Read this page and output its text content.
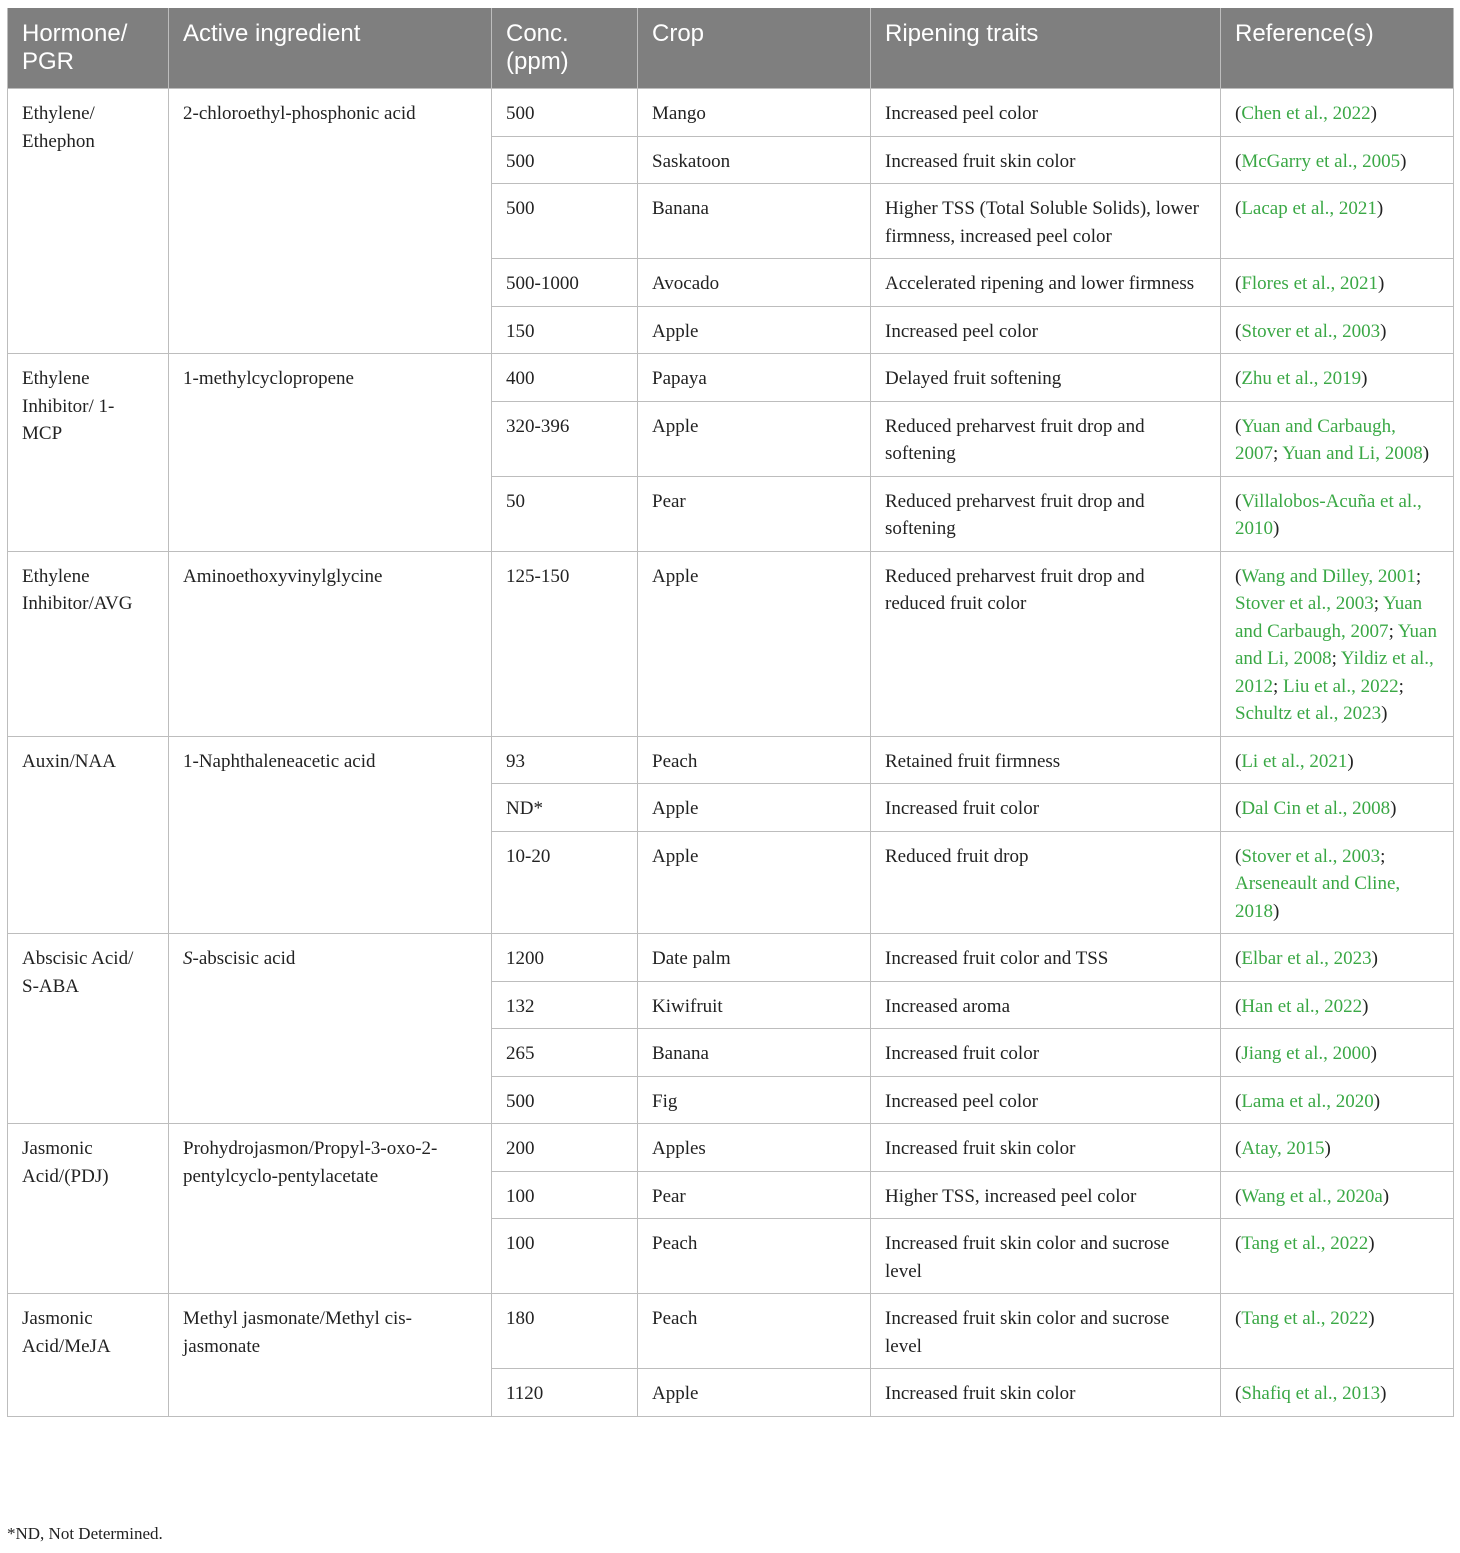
Hormone/ PGR	Active ingredient	Conc. (ppm)	Crop	Ripening traits	Reference(s)
Ethylene/ Ethephon	2-chloroethyl-phosphonic acid	500	Mango	Increased peel color	(Chen et al., 2022)
		500	Saskatoon	Increased fruit skin color	(McGarry et al., 2005)
		500	Banana	Higher TSS (Total Soluble Solids), lower firmness, increased peel color	(Lacap et al., 2021)
		500-1000	Avocado	Accelerated ripening and lower firmness	(Flores et al., 2021)
		150	Apple	Increased peel color	(Stover et al., 2003)
Ethylene Inhibitor/ 1-MCP	1-methylcyclopropene	400	Papaya	Delayed fruit softening	(Zhu et al., 2019)
		320-396	Apple	Reduced preharvest fruit drop and softening	(Yuan and Carbaugh, 2007; Yuan and Li, 2008)
		50	Pear	Reduced preharvest fruit drop and softening	(Villalobos-Acuña et al., 2010)
Ethylene Inhibitor/AVG	Aminoethoxyvinylglycine	125-150	Apple	Reduced preharvest fruit drop and reduced fruit color	(Wang and Dilley, 2001; Stover et al., 2003; Yuan and Carbaugh, 2007; Yuan and Li, 2008; Yildiz et al., 2012; Liu et al., 2022; Schultz et al., 2023)
Auxin/NAA	1-Naphthaleneacetic acid	93	Peach	Retained fruit firmness	(Li et al., 2021)
		ND*	Apple	Increased fruit color	(Dal Cin et al., 2008)
		10-20	Apple	Reduced fruit drop	(Stover et al., 2003; Arseneault and Cline, 2018)
Abscisic Acid/ S-ABA	S-abscisic acid	1200	Date palm	Increased fruit color and TSS	(Elbar et al., 2023)
		132	Kiwifruit	Increased aroma	(Han et al., 2022)
		265	Banana	Increased fruit color	(Jiang et al., 2000)
		500	Fig	Increased peel color	(Lama et al., 2020)
Jasmonic Acid/(PDJ)	Prohydrojasmon/Propyl-3-oxo-2-pentylcyclo-pentylacetate	200	Apples	Increased fruit skin color	(Atay, 2015)
		100	Pear	Higher TSS, increased peel color	(Wang et al., 2020a)
		100	Peach	Increased fruit skin color and sucrose level	(Tang et al., 2022)
Jasmonic Acid/MeJA	Methyl jasmonate/Methyl cis-jasmonate	180	Peach	Increased fruit skin color and sucrose level	(Tang et al., 2022)
		1120	Apple	Increased fruit skin color	(Shafiq et al., 2013)
*ND, Not Determined.
